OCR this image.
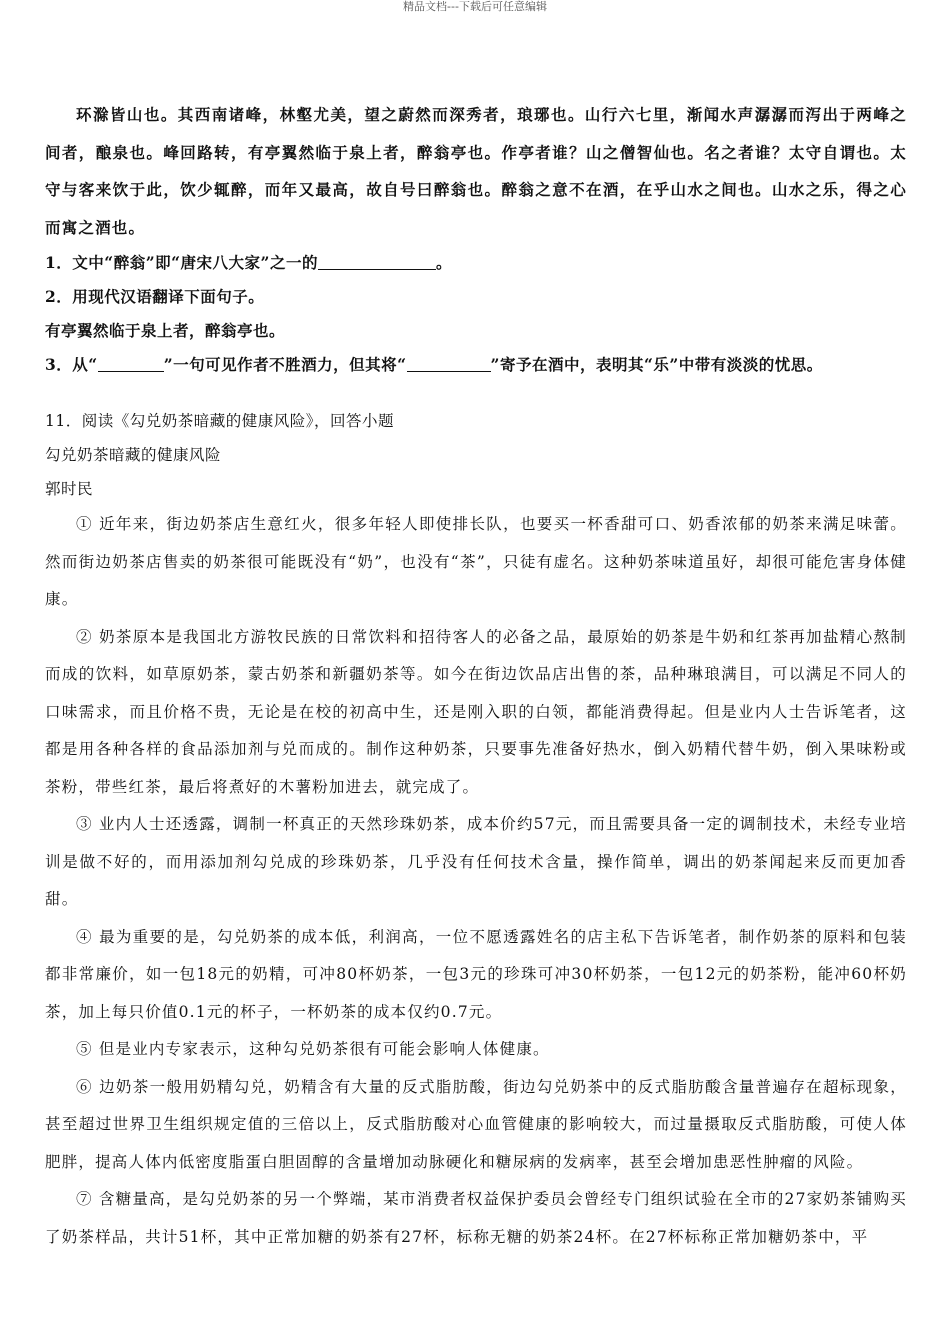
精品文档---下载后可任意编辑

环滁皆山也。其西南诸峰，林壑尤美，望之蔚然而深秀者，琅琊也。山行六七里，渐闻水声潺潺而泻出于两峰之间者，酿泉也。峰回路转，有亭翼然临于泉上者，醉翁亭也。作亭者谁？山之僧智仙也。名之者谁？太守自谓也。太守与客来饮于此，饮少辄醉，而年又最高，故自号曰醉翁也。醉翁之意不在酒，在乎山水之间也。山水之乐，得之心而寓之酒也。

1．文中“醉翁”即“唐宋八大家”之一的	。

2．用现代汉语翻译下面句子。

有亭翼然临于泉上者，醉翁亭也。

3．从“	”一句可见作者不胜酒力，但其将“	”寄予在酒中，表明其“乐”中带有淡淡的忧思。

11．阅读《勾兑奶茶暗藏的健康风险》，回答小题

勾兑奶茶暗藏的健康风险

郭时民

① 近年来，街边奶茶店生意红火，很多年轻人即使排长队，也要买一杯香甜可口、奶香浓郁的奶茶来满足味蕾。然而街边奶茶店售卖的奶茶很可能既没有“奶”，也没有“茶”，只徒有虚名。这种奶茶味道虽好，却很可能危害身体健康。

② 奶茶原本是我国北方游牧民族的日常饮料和招待客人的必备之品，最原始的奶茶是牛奶和红茶再加盐精心熬制而成的饮料，如草原奶茶，蒙古奶茶和新疆奶茶等。如今在街边饮品店出售的茶，品种琳琅满目，可以满足不同人的口味需求，而且价格不贵，无论是在校的初高中生，还是刚入职的白领，都能消费得起。但是业内人士告诉笔者，这都是用各种各样的食品添加剂与兑而成的。制作这种奶茶，只要事先准备好热水，倒入奶精代替牛奶，倒入果味粉或茶粉，带些红茶，最后将煮好的木薯粉加进去，就完成了。

③ 业内人士还透露，调制一杯真正的天然珍珠奶茶，成本价约57元，而且需要具备一定的调制技术，未经专业培训是做不好的，而用添加剂勾兑成的珍珠奶茶，几乎没有任何技术含量，操作简单，调出的奶茶闻起来反而更加香甜。

④ 最为重要的是，勾兑奶茶的成本低，利润高，一位不愿透露姓名的店主私下告诉笔者，制作奶茶的原料和包装都非常廉价，如一包18元的奶精，可冲80杯奶茶，一包3元的珍珠可冲30杯奶茶，一包12元的奶茶粉，能冲60杯奶茶，加上每只价值0.1元的杯子，一杯奶茶的成本仅约0.7元。

⑤ 但是业内专家表示，这种勾兑奶茶很有可能会影响人体健康。

⑥ 边奶茶一般用奶精勾兑，奶精含有大量的反式脂肪酸，街边勾兑奶茶中的反式脂肪酸含量普遍存在超标现象，甚至超过世界卫生组织规定值的三倍以上，反式脂肪酸对心血管健康的影响较大，而过量摄取反式脂肪酸，可使人体肥胖，提高人体内低密度脂蛋白胆固醇的含量增加动脉硬化和糖尿病的发病率，甚至会增加患恶性肿瘤的风险。

⑦ 含糖量高，是勾兑奶茶的另一个弊端，某市消费者权益保护委员会曾经专门组织试验在全市的27家奶茶铺购买了奶茶样品，共计51杯，其中正常加糖的奶茶有27杯，标称无糖的奶茶24杯。在27杯标称正常加糖奶茶中，平
